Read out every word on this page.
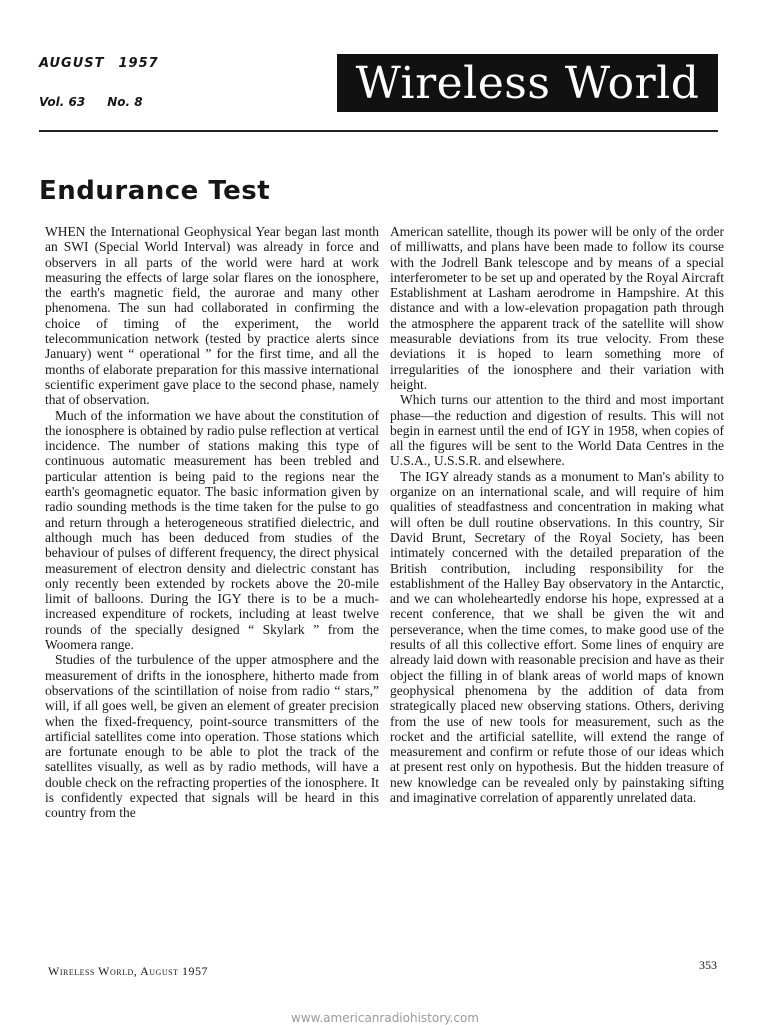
AUGUST 1957
Vol. 63 No. 8	Wireless World
Endurance Test

WHEN the International Geophysical Year began last month an SWI (Special World Interval) was already in force and observers in all parts of the world were hard at work measuring the effects of large solar flares on the ionosphere, the earth's magnetic field, the aurorae and many other phenomena. The sun had collaborated in confirming the choice of timing of the experiment, the world telecommunication network (tested by practice alerts since January) went “ operational ” for the first time, and all the months of elaborate preparation for this massive international scientific experiment gave place to the second phase, namely that of observation.

Much of the information we have about the constitution of the ionosphere is obtained by radio pulse reflection at vertical incidence. The number of stations making this type of continuous automatic measurement has been trebled and particular attention is being paid to the regions near the earth's geomagnetic equator. The basic information given by radio sounding methods is the time taken for the pulse to go and return through a heterogeneous stratified dielectric, and although much has been deduced from studies of the behaviour of pulses of different frequency, the direct physical measurement of electron density and dielectric constant has only recently been extended by rockets above the 20-mile limit of balloons. During the IGY there is to be a much-increased expenditure of rockets, including at least twelve rounds of the specially designed “ Skylark ” from the Woomera range.

Studies of the turbulence of the upper atmosphere and the measurement of drifts in the ionosphere, hitherto made from observations of the scintillation of noise from radio “ stars,” will, if all goes well, be given an element of greater precision when the fixed-frequency, point-source transmitters of the artificial satellites come into operation. Those stations which are fortunate enough to be able to plot the track of the satellites visually, as well as by radio methods, will have a double check on the refracting properties of the ionosphere. It is confidently expected that signals will be heard in this country from the

American satellite, though its power will be only of the order of milliwatts, and plans have been made to follow its course with the Jodrell Bank telescope and by means of a special interferometer to be set up and operated by the Royal Aircraft Establishment at Lasham aerodrome in Hampshire. At this distance and with a low-elevation propagation path through the atmosphere the apparent track of the satellite will show measurable deviations from its true velocity. From these deviations it is hoped to learn something more of irregularities of the ionosphere and their variation with height.

Which turns our attention to the third and most important phase—the reduction and digestion of results. This will not begin in earnest until the end of IGY in 1958, when copies of all the figures will be sent to the World Data Centres in the U.S.A., U.S.S.R. and elsewhere.

The IGY already stands as a monument to Man's ability to organize on an international scale, and will require of him qualities of steadfastness and concentration in making what will often be dull routine observations. In this country, Sir David Brunt, Secretary of the Royal Society, has been intimately concerned with the detailed preparation of the British contribution, including responsibility for the establishment of the Halley Bay observatory in the Antarctic, and we can wholeheartedly endorse his hope, expressed at a recent conference, that we shall be given the wit and perseverance, when the time comes, to make good use of the results of all this collective effort. Some lines of enquiry are already laid down with reasonable precision and have as their object the filling in of blank areas of world maps of known geophysical phenomena by the addition of data from strategically placed new observing stations. Others, deriving from the use of new tools for measurement, such as the rocket and the artificial satellite, will extend the range of measurement and confirm or refute those of our ideas which at present rest only on hypothesis. But the hidden treasure of new knowledge can be revealed only by painstaking sifting and imaginative correlation of apparently unrelated data.

Wireless World, August 1957	353
www.americanradiohistory.com
